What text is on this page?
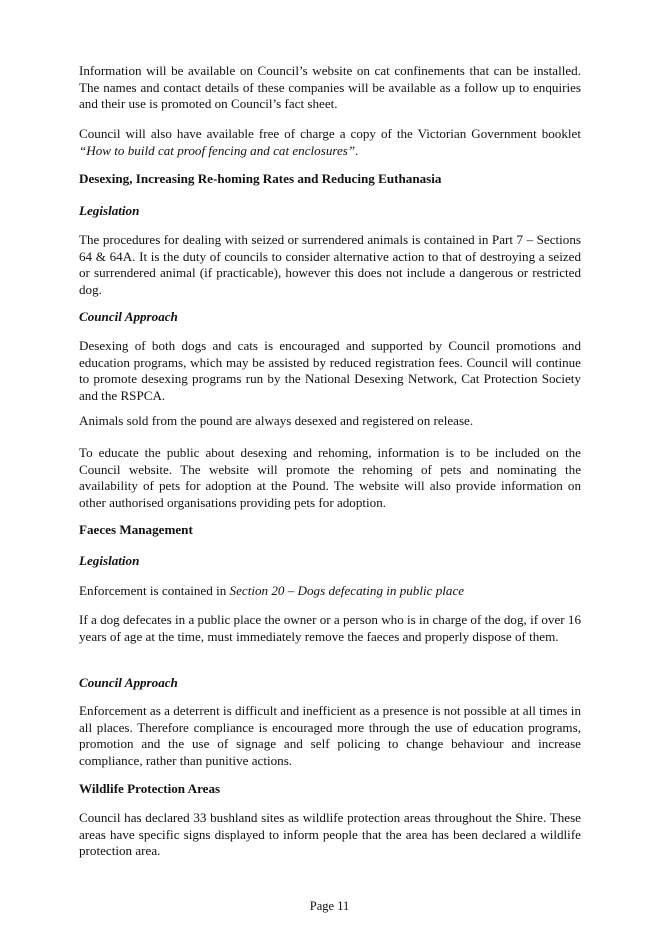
Information will be available on Council’s website on cat confinements that can be installed. The names and contact details of these companies will be available as a follow up to enquiries and their use is promoted on Council’s fact sheet.

Council will also have available free of charge a copy of the Victorian Government booklet “How to build cat proof fencing and cat enclosures”.

Desexing, Increasing Re-homing Rates and Reducing Euthanasia

Legislation

The procedures for dealing with seized or surrendered animals is contained in Part 7 – Sections 64 & 64A. It is the duty of councils to consider alternative action to that of destroying a seized or surrendered animal (if practicable), however this does not include a dangerous or restricted dog.

Council Approach

Desexing of both dogs and cats is encouraged and supported by Council promotions and education programs, which may be assisted by reduced registration fees. Council will continue to promote desexing programs run by the National Desexing Network, Cat Protection Society and the RSPCA.

Animals sold from the pound are always desexed and registered on release.

To educate the public about desexing and rehoming, information is to be included on the Council website. The website will promote the rehoming of pets and nominating the availability of pets for adoption at the Pound. The website will also provide information on other authorised organisations providing pets for adoption.

Faeces Management

Legislation

Enforcement is contained in Section 20 – Dogs defecating in public place

If a dog defecates in a public place the owner or a person who is in charge of the dog, if over 16 years of age at the time, must immediately remove the faeces and properly dispose of them.

Council Approach

Enforcement as a deterrent is difficult and inefficient as a presence is not possible at all times in all places. Therefore compliance is encouraged more through the use of education programs, promotion and the use of signage and self policing to change behaviour and increase compliance, rather than punitive actions.

Wildlife Protection Areas

Council has declared 33 bushland sites as wildlife protection areas throughout the Shire. These areas have specific signs displayed to inform people that the area has been declared a wildlife protection area.

Page 11
